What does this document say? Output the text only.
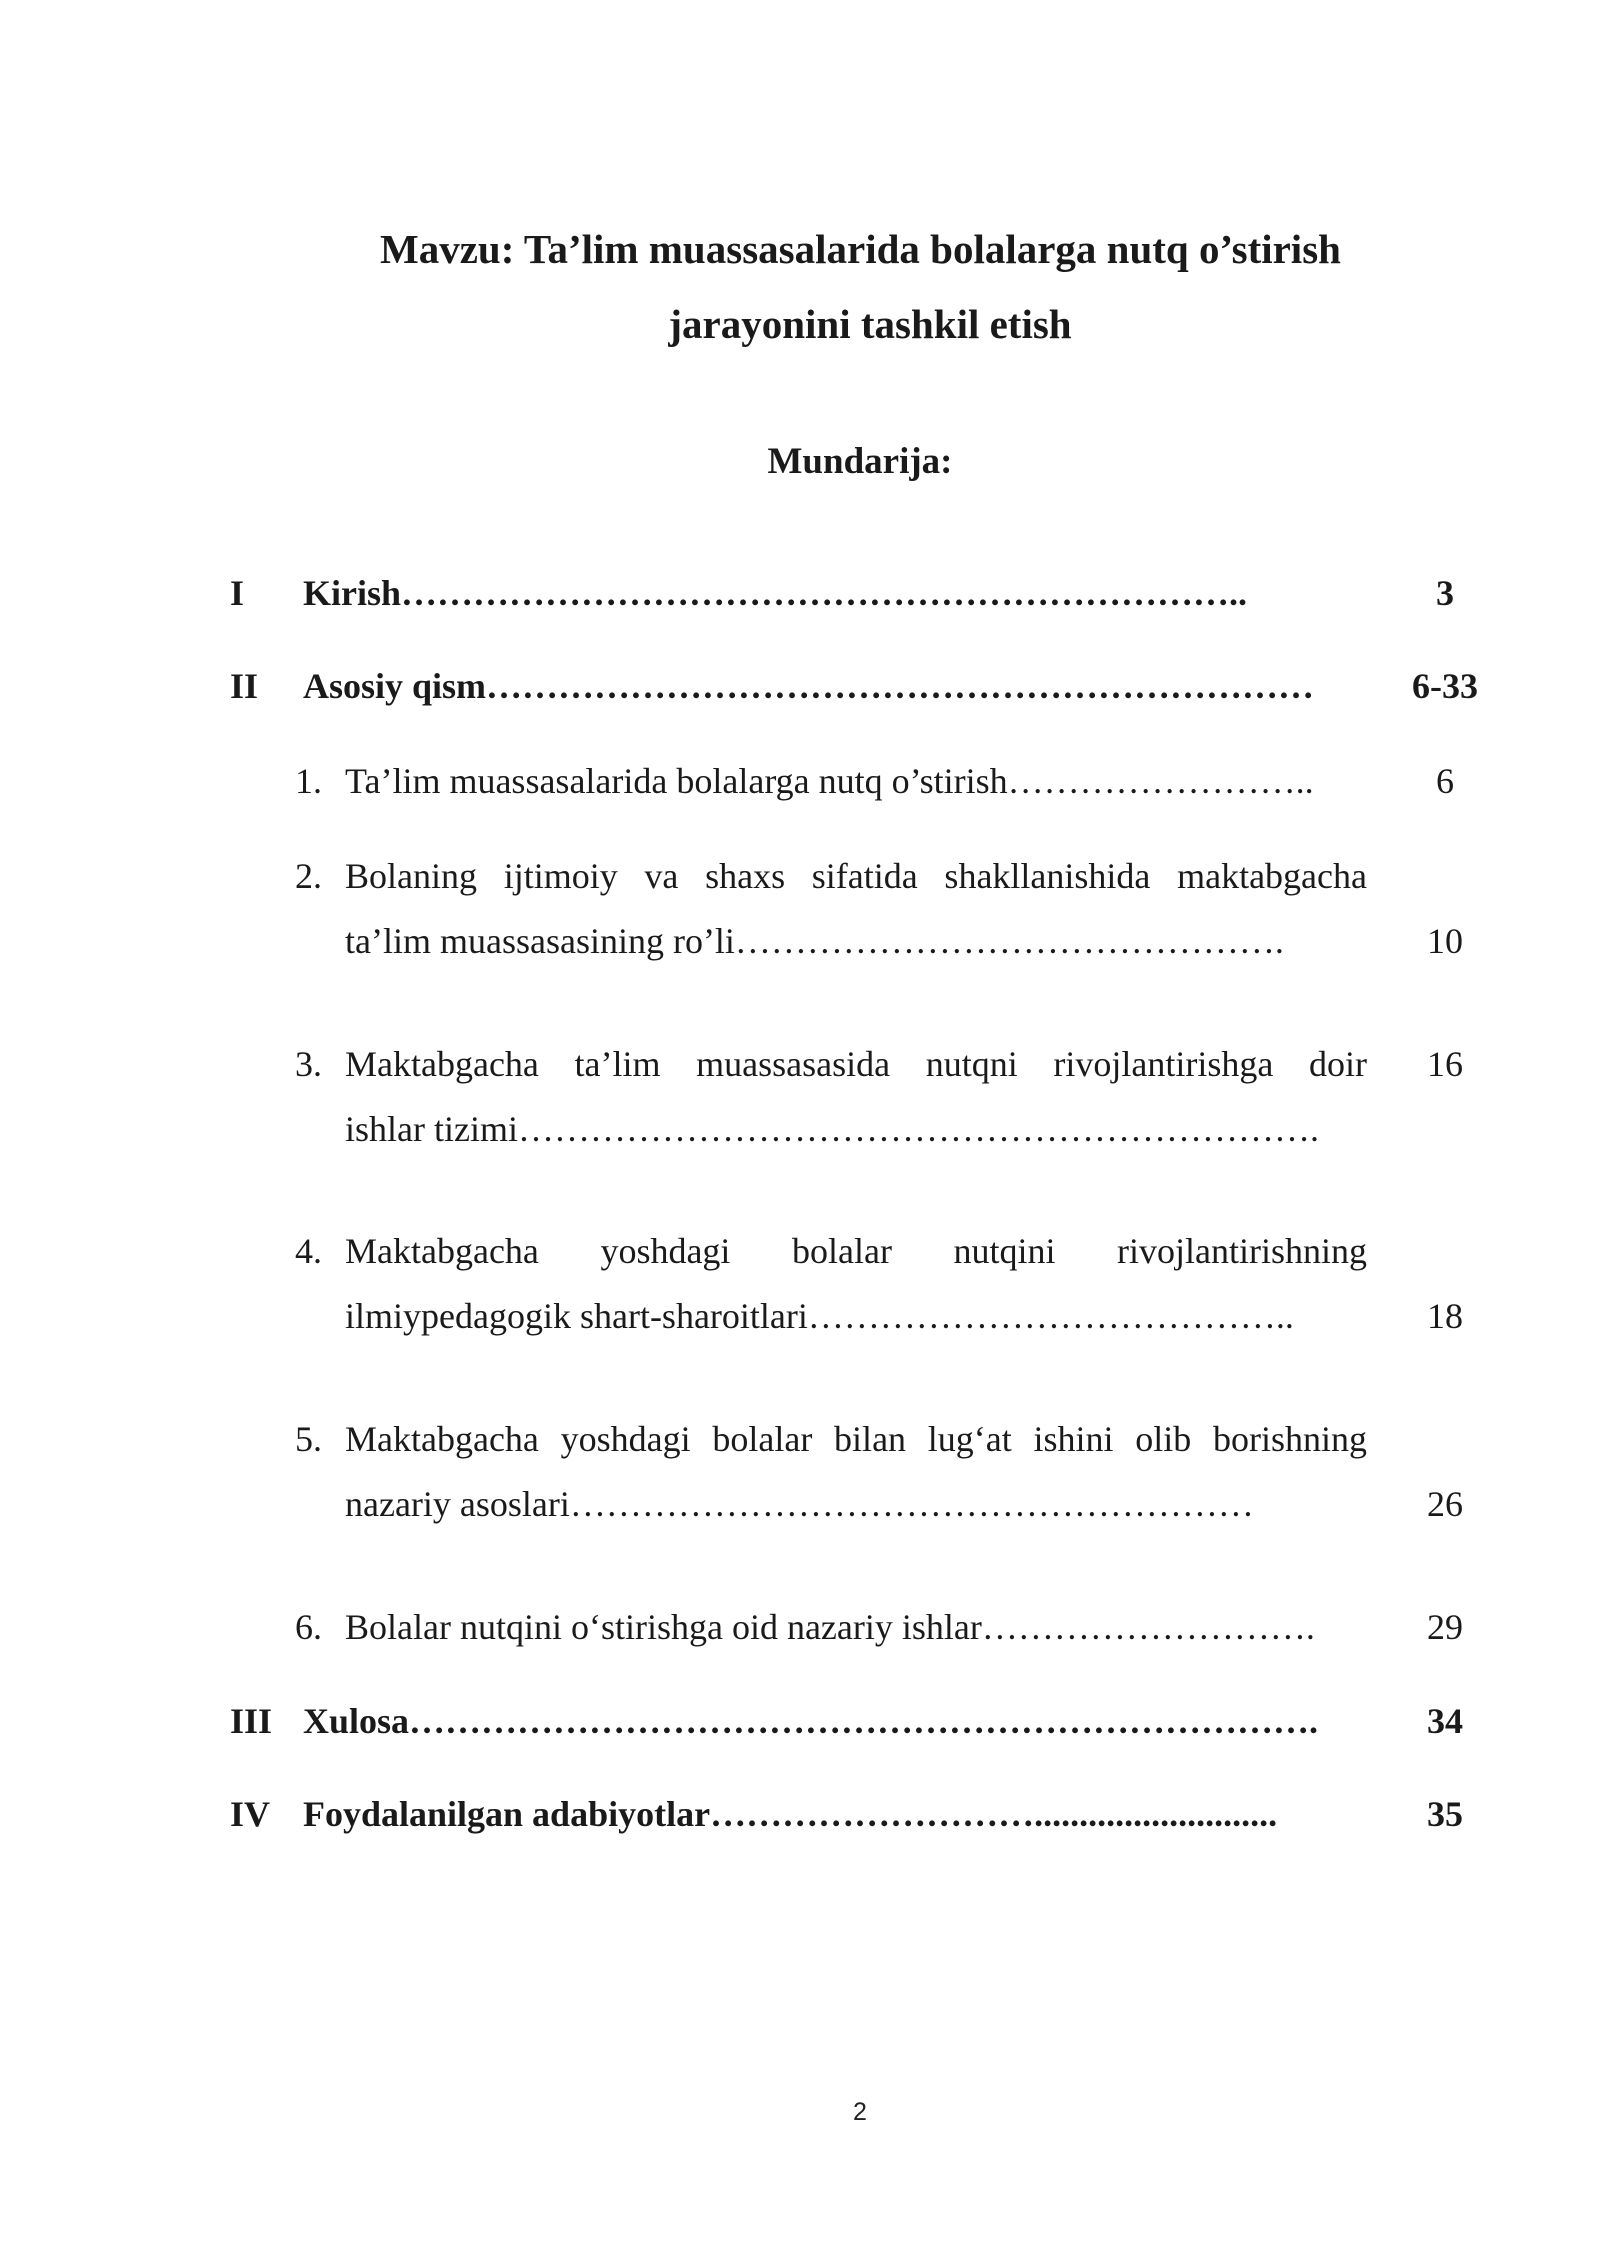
Mavzu: Ta’lim muassasalarida bolalarga nutq o’stirish
jarayonini tashkil etish
Mundarija:
I Kirish……………………………………………………………..	3
II Asosiy qism……………………………………………………………	6-33
1. Ta’lim muassasalarida bolalarga nutq o’stirish……………………..	6
2. Bolaning ijtimoiy va shaxs sifatida shakllanishida maktabgacha
ta’lim muassasasining ro’li……………………………………….	10
3. Maktabgacha ta’lim muassasasida nutqni rivojlantirishga doir	16
ishlar tizimi………………………………………………………….
4. Maktabgacha yoshdagi bolalar nutqini rivojlantirishning
ilmiypedagogik shart-sharoitlari…………………………………..	18
5. Maktabgacha yoshdagi bolalar bilan lug‘at ishini olib borishning
nazariy asoslari…………………………………………………	26
6. Bolalar nutqini o‘stirishga oid nazariy ishlar……………………….	29
III Xulosa………………………………………………………………….	34
IV Foydalanilgan adabiyotlar………………………...........................	35
2
